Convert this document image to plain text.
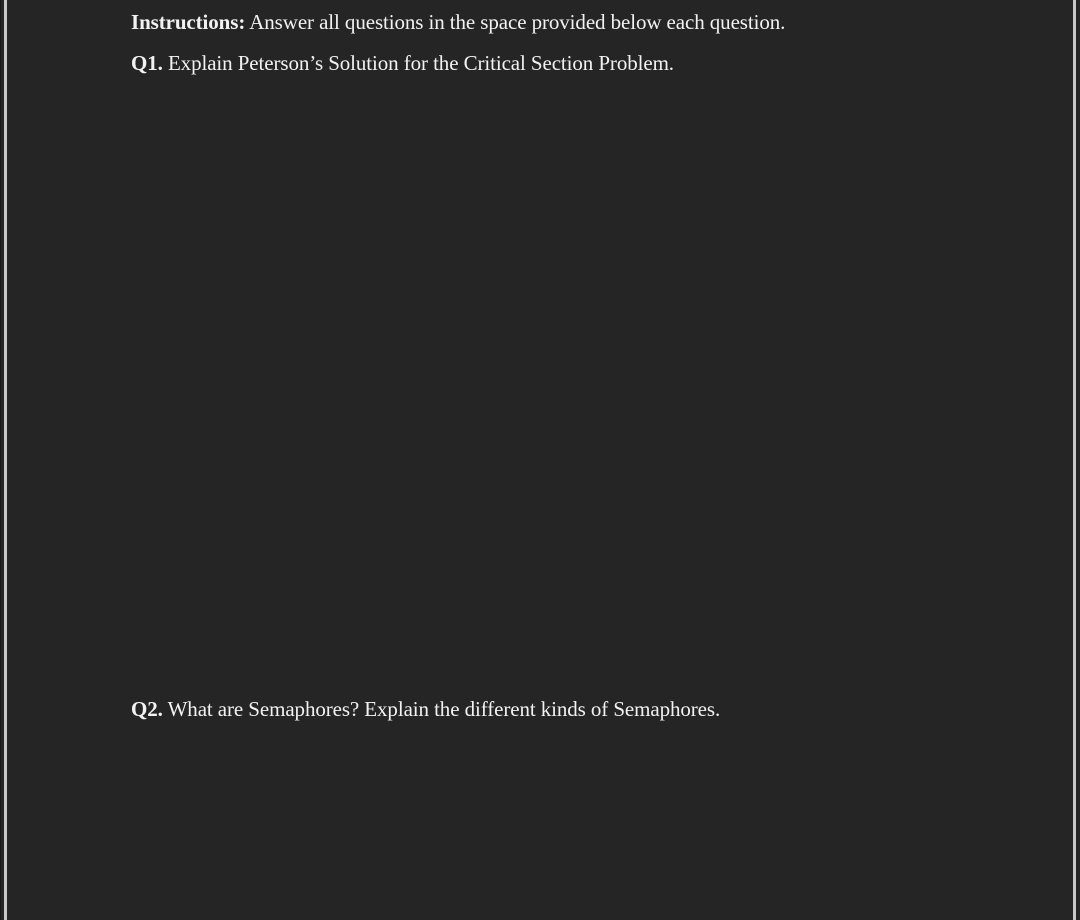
Instructions: Answer all questions in the space provided below each question.
Q1. Explain Peterson’s Solution for the Critical Section Problem.
Q2. What are Semaphores? Explain the different kinds of Semaphores.
